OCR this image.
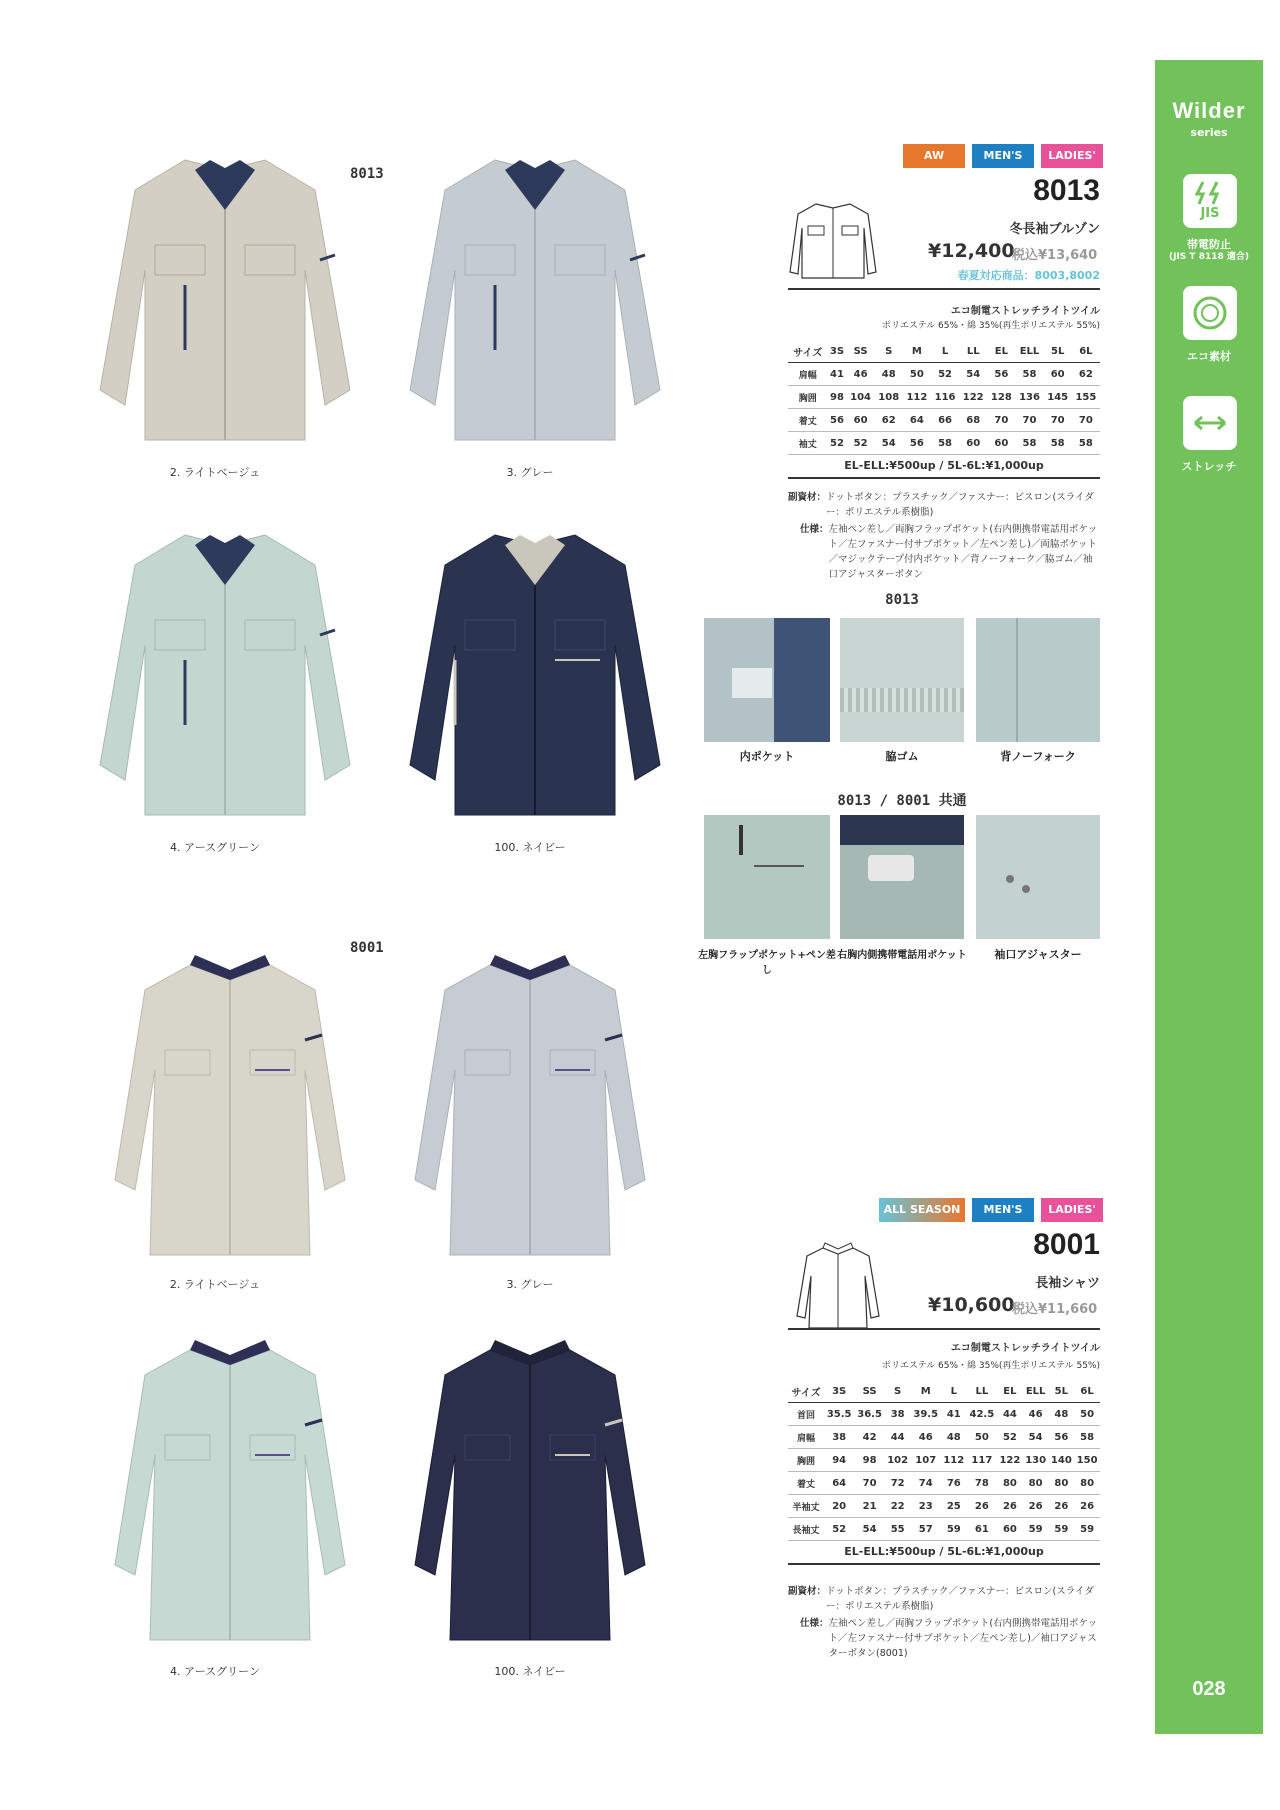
Wilder
series
JIS
帯電防止
(JIS T 8118 適合)
エコ素材
ストレッチ
028
8013
2. ライトベージュ	3. グレー
4. アースグリーン	100. ネイビー
8001
2. ライトベージュ	3. グレー
4. アースグリーン	100. ネイビー
AW	MEN'S	LADIES'
8013
冬長袖ブルゾン
¥12,400
税込¥13,640
春夏対応商品：8003,8002
エコ制電ストレッチライトツイル
ポリエステル 65%・綿 35%(再生ポリエステル 55%)
サイズ	3S	SS	S	M	L	LL	EL	ELL	5L	6L
肩幅	41	46	48	50	52	54	56	58	60	62
胸囲	98	104	108	112	116	122	128	136	145	155
着丈	56	60	62	64	66	68	70	70	70	70
袖丈	52	52	54	56	58	60	60	58	58	58
EL-ELL:¥500up / 5L-6L:¥1,000up
副資材： ドットボタン：プラスチック／ファスナー：ビスロン(スライダー：ポリエステル系樹脂)
仕様： 左袖ペン差し／両胸フラップポケット(右内側携帯電話用ポケット／左ファスナー付サブポケット／左ペン差し)／両脇ポケット／マジックテープ付内ポケット／背ノーフォーク／脇ゴム／袖口アジャスターボタン
8013
内ポケット	脇ゴム	背ノーフォーク
8013 / 8001 共通
左胸フラップポケット+ペン差し
右胸内側携帯電話用ポケット	袖口アジャスター
ALL SEASON	MEN'S	LADIES'
8001
長袖シャツ
¥10,600
税込¥11,660
エコ制電ストレッチライトツイル
ポリエステル 65%・綿 35%(再生ポリエステル 55%)
サイズ	3S	SS	S	M	L	LL	EL	ELL	5L	6L
首回	35.5	36.5	38	39.5	41	42.5	44	46	48	50
肩幅	38	42	44	46	48	50	52	54	56	58
胸囲	94	98	102	107	112	117	122	130	140	150
着丈	64	70	72	74	76	78	80	80	80	80
半袖丈	20	21	22	23	25	26	26	26	26	26
長袖丈	52	54	55	57	59	61	60	59	59	59
EL-ELL:¥500up / 5L-6L:¥1,000up
副資材： ドットボタン：プラスチック／ファスナー：ビスロン(スライダー：ポリエステル系樹脂)
仕様： 左袖ペン差し／両胸フラップポケット(右内側携帯電話用ポケット／左ファスナー付サブポケット／左ペン差し)／袖口アジャスターボタン(8001)
